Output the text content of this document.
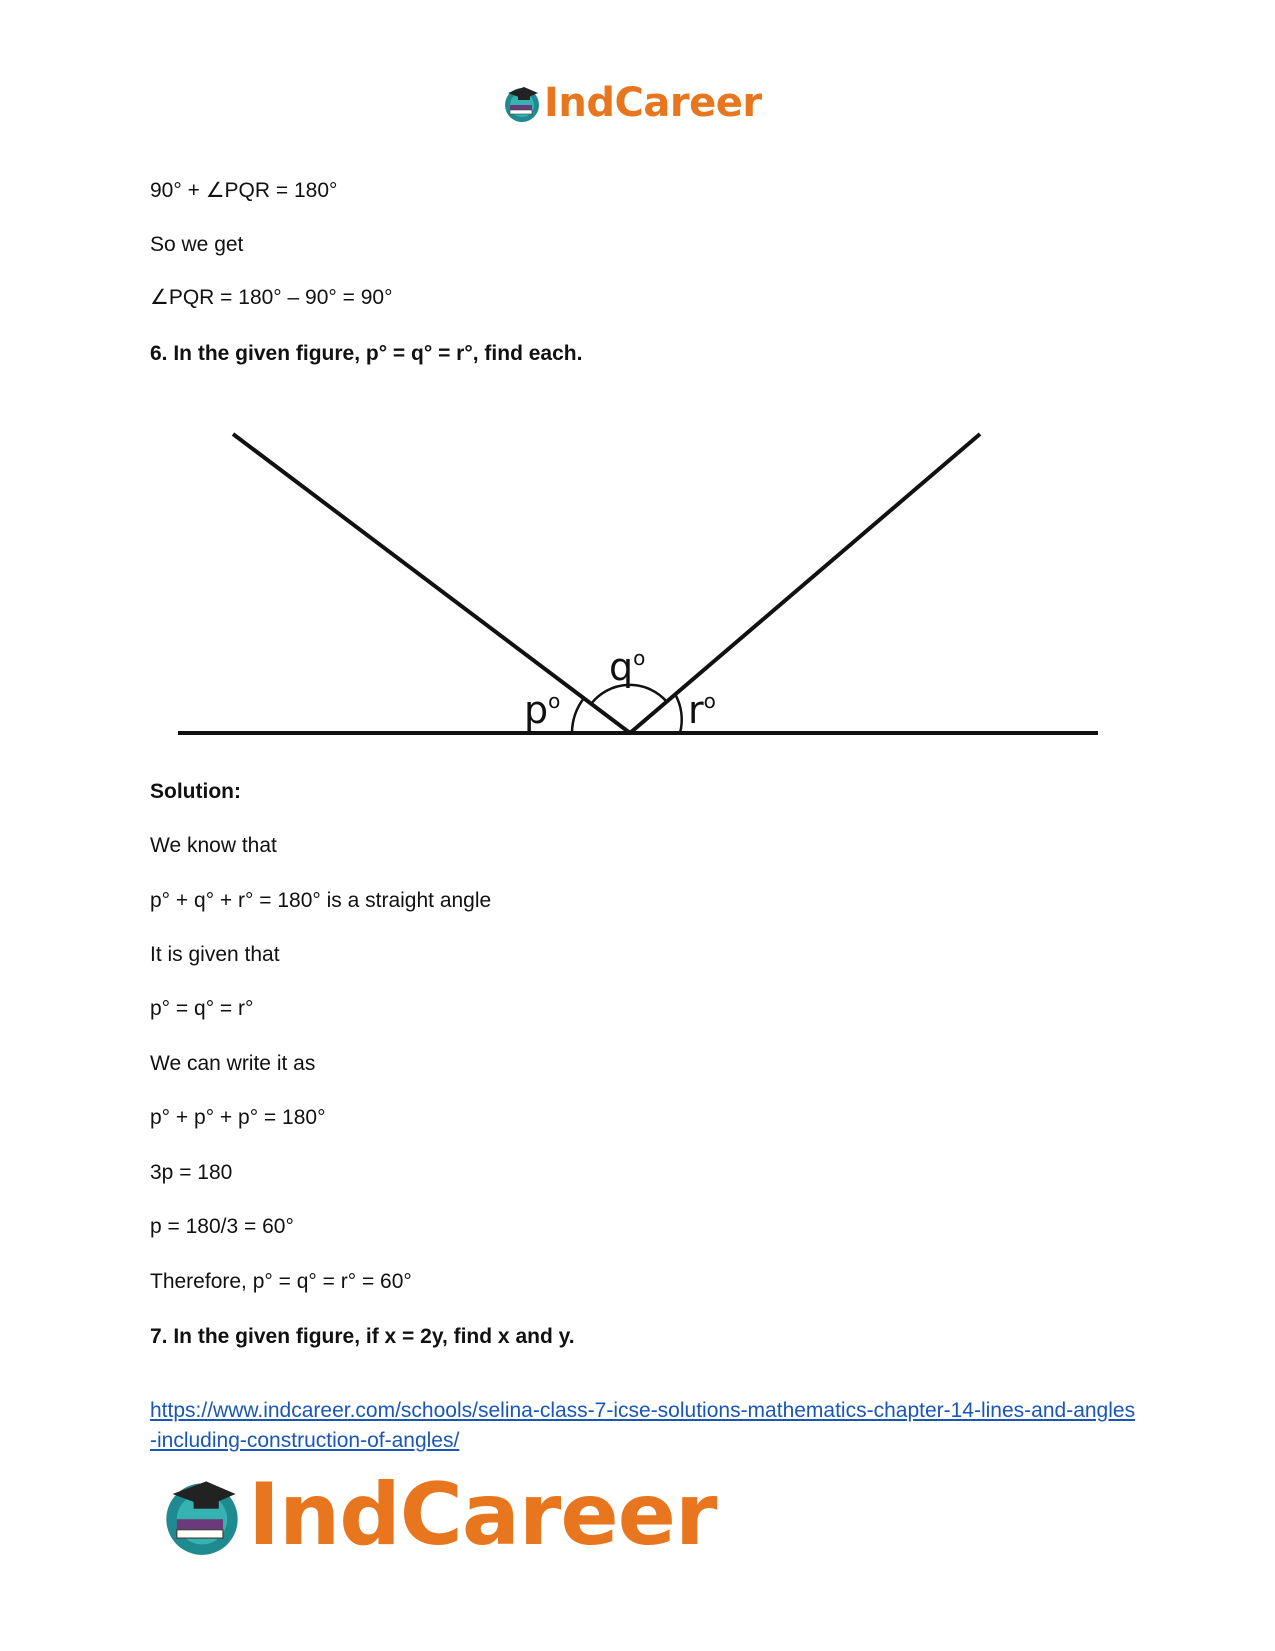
IndCareer
90° + ∠PQR = 180°
So we get
∠PQR = 180° – 90° = 90°
6. In the given figure, p° = q° = r°, find each.
$p^o$
$q^o$
$r^o$
Solution:
We know that
p° + q° + r° = 180° is a straight angle
It is given that
p° = q° = r°
We can write it as
p° + p° + p° = 180°
3p = 180
p = 180/3 = 60°
Therefore, p° = q° = r° = 60°
7. In the given figure, if x = 2y, find x and y.
https://www.indcareer.com/schools/selina-class-7-icse-solutions-mathematics-chapter-14-lines-and-angles-including-construction-of-angles/
IndCareer
